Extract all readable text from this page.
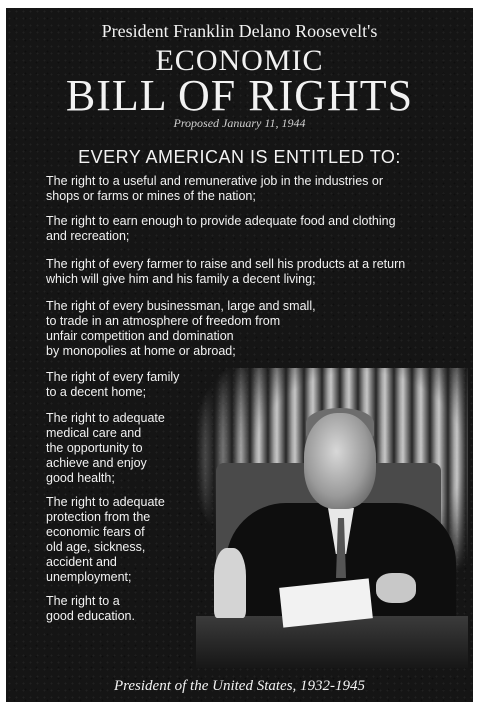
President Franklin Delano Roosevelt's

ECONOMIC

BILL OF RIGHTS

Proposed January 11, 1944

EVERY AMERICAN IS ENTITLED TO:

The right to a useful and remunerative job in the industries or
shops or farms or mines of the nation;

The right to earn enough to provide adequate food and clothing
and recreation;

The right of every farmer to raise and sell his products at a return
which will give him and his family a decent living;

The right of every businessman, large and small,
to trade in an atmosphere of freedom from
unfair competition and domination
by monopolies at home or abroad;

The right of every family
to a decent home;

The right to adequate
medical care and
the opportunity to
achieve and enjoy
good health;

The right to adequate
protection from the
economic fears of
old age, sickness,
accident and
unemployment;

The right to a
good education.

President of the United States, 1932-1945
